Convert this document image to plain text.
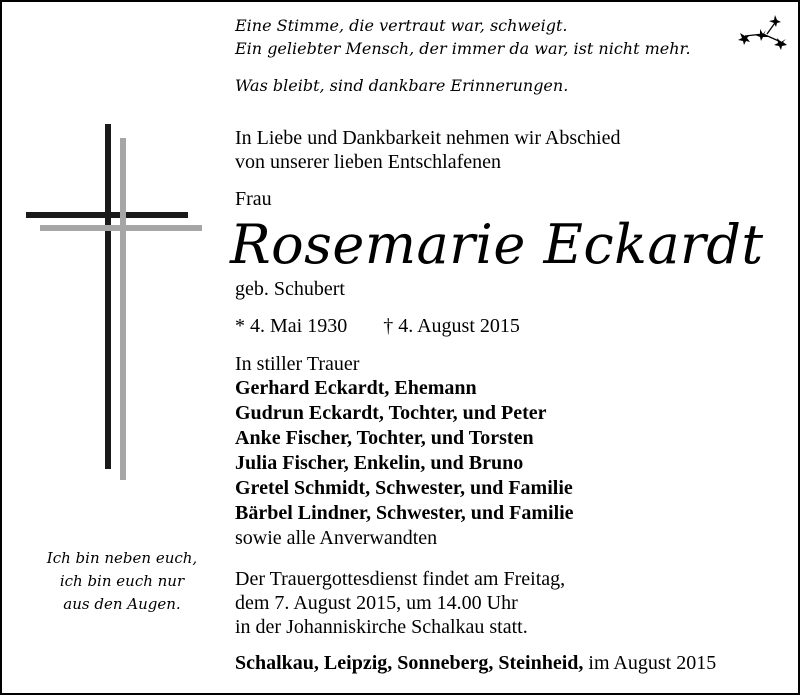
Eine Stimme, die vertraut war, schweigt.
Ein geliebter Mensch, der immer da war, ist nicht mehr.
Was bleibt, sind dankbare Erinnerungen.
Ich bin neben euch,
ich bin euch nur
aus den Augen.
In Liebe und Dankbarkeit nehmen wir Abschied
von unserer lieben Entschlafenen
Frau
Rosemarie Eckardt
geb. Schubert
* 4. Mai 1930 † 4. August 2015
In stiller Trauer
Gerhard Eckardt, Ehemann
Gudrun Eckardt, Tochter, und Peter
Anke Fischer, Tochter, und Torsten
Julia Fischer, Enkelin, und Bruno
Gretel Schmidt, Schwester, und Familie
Bärbel Lindner, Schwester, und Familie
sowie alle Anverwandten
Der Trauergottesdienst findet am Freitag,
dem 7. August 2015, um 14.00 Uhr
in der Johanniskirche Schalkau statt.
Schalkau, Leipzig, Sonneberg, Steinheid, im August 2015
